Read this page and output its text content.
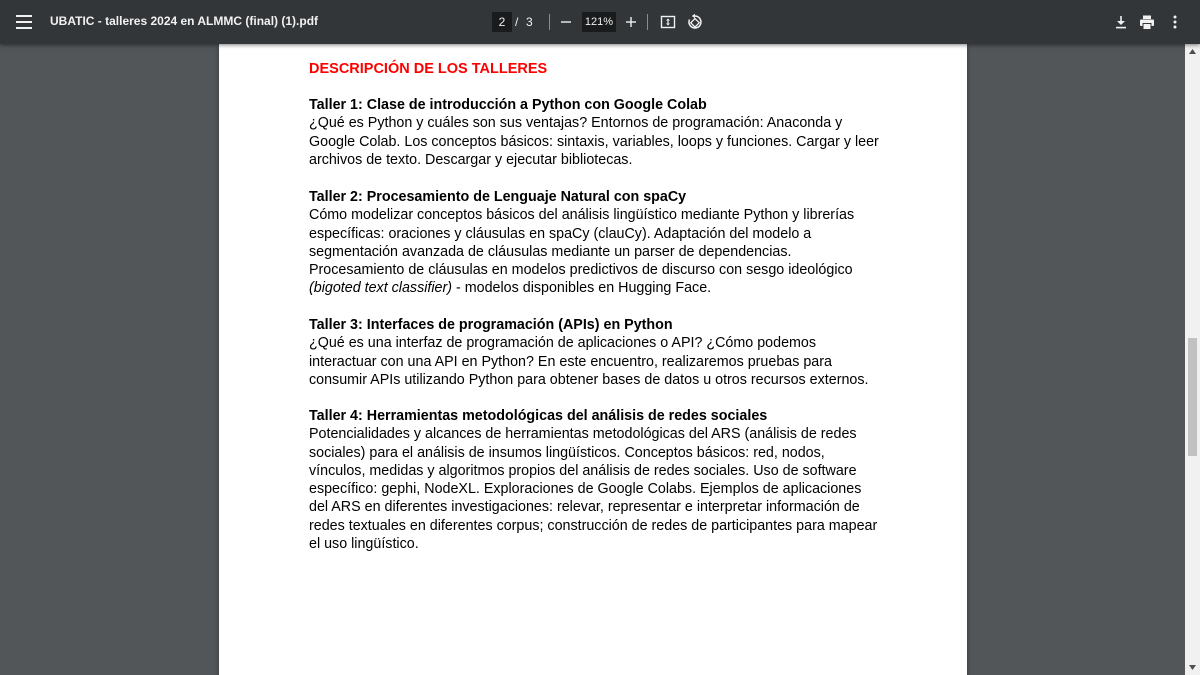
UBATIC - talleres 2024 en ALMMC (final) (1).pdf
2	/ 3	121%
DESCRIPCIÓN DE LOS TALLERES

Taller 1: Clase de introducción a Python con Google Colab

¿Qué es Python y cuáles son sus ventajas? Entornos de programación: Anaconda y Google Colab. Los conceptos básicos: sintaxis, variables, loops y funciones. Cargar y leer archivos de texto. Descargar y ejecutar bibliotecas.

Taller 2: Procesamiento de Lenguaje Natural con spaCy

Cómo modelizar conceptos básicos del análisis lingüístico mediante Python y librerías específicas: oraciones y cláusulas en spaCy (clauCy). Adaptación del modelo a segmentación avanzada de cláusulas mediante un parser de dependencias. Procesamiento de cláusulas en modelos predictivos de discurso con sesgo ideológico (bigoted text classifier) - modelos disponibles en Hugging Face.

Taller 3: Interfaces de programación (APIs) en Python

¿Qué es una interfaz de programación de aplicaciones o API? ¿Cómo podemos interactuar con una API en Python? En este encuentro, realizaremos pruebas para consumir APIs utilizando Python para obtener bases de datos u otros recursos externos.

Taller 4: Herramientas metodológicas del análisis de redes sociales

Potencialidades y alcances de herramientas metodológicas del ARS (análisis de redes sociales) para el análisis de insumos lingüísticos. Conceptos básicos: red, nodos, vínculos, medidas y algoritmos propios del análisis de redes sociales. Uso de software específico: gephi, NodeXL. Exploraciones de Google Colabs. Ejemplos de aplicaciones del ARS en diferentes investigaciones: relevar, representar e interpretar información de redes textuales en diferentes corpus; construcción de redes de participantes para mapear el uso lingüístico.
